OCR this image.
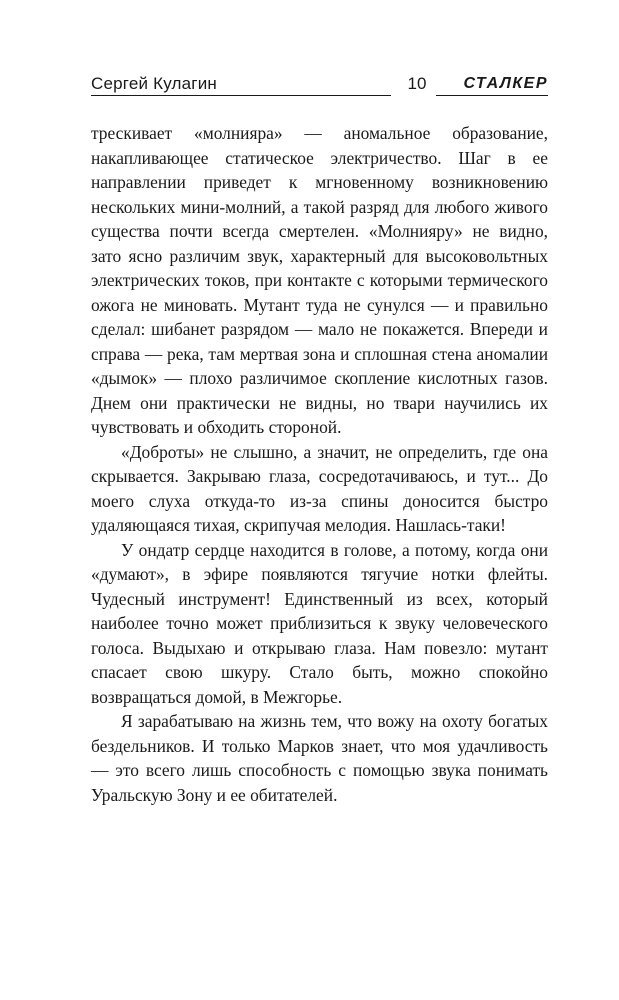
Сергей Кулагин	10	СТАЛКЕР

трескивает «молнияра» — аномальное образование, накапливающее статическое электричество. Шаг в ее направлении приведет к мгновенному возникновению нескольких мини-молний, а такой разряд для любого живого существа почти всегда смертелен. «Молнияру» не видно, зато ясно различим звук, характерный для высоковольтных электрических токов, при контакте с которыми термического ожога не миновать. Мутант туда не сунулся — и правильно сделал: шибанет разрядом — мало не покажется. Впереди и справа — река, там мертвая зона и сплошная стена аномалии «дымок» — плохо различимое скопление кислотных газов. Днем они практически не видны, но твари научились их чувствовать и обходить стороной.

«Доброты» не слышно, а значит, не определить, где она скрывается. Закрываю глаза, сосредотачиваюсь, и тут... До моего слуха откуда-то из-за спины доносится быстро удаляющаяся тихая, скрипучая мелодия. Нашлась-таки!

У ондатр сердце находится в голове, а потому, когда они «думают», в эфире появляются тягучие нотки флейты. Чудесный инструмент! Единственный из всех, который наиболее точно может приблизиться к звуку человеческого голоса. Выдыхаю и открываю глаза. Нам повезло: мутант спасает свою шкуру. Стало быть, можно спокойно возвращаться домой, в Межгорье.

Я зарабатываю на жизнь тем, что вожу на охоту богатых бездельников. И только Марков знает, что моя удачливость — это всего лишь способность с помощью звука понимать Уральскую Зону и ее обитателей.
